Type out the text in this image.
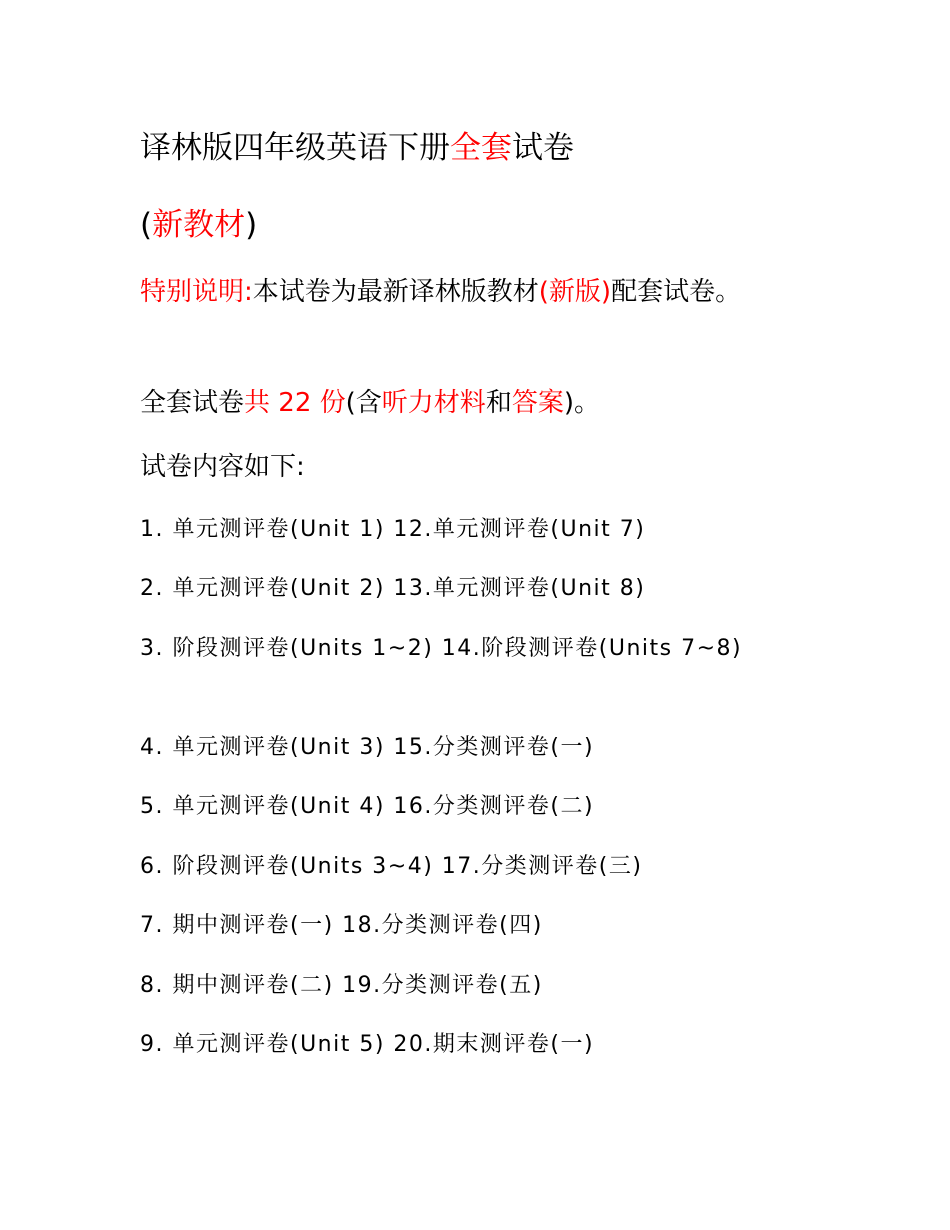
译林版四年级英语下册全套试卷
(新教材)
特别说明:本试卷为最新译林版教材(新版)配套试卷。
全套试卷共 22 份(含听力材料和答案)。
试卷内容如下:
1. 单元测评卷(Unit 1) 12.单元测评卷(Unit 7)
2. 单元测评卷(Unit 2) 13.单元测评卷(Unit 8)
3. 阶段测评卷(Units 1~2) 14.阶段测评卷(Units 7~8)
4. 单元测评卷(Unit 3) 15.分类测评卷(一)
5. 单元测评卷(Unit 4) 16.分类测评卷(二)
6. 阶段测评卷(Units 3~4) 17.分类测评卷(三)
7. 期中测评卷(一) 18.分类测评卷(四)
8. 期中测评卷(二) 19.分类测评卷(五)
9. 单元测评卷(Unit 5) 20.期末测评卷(一)
